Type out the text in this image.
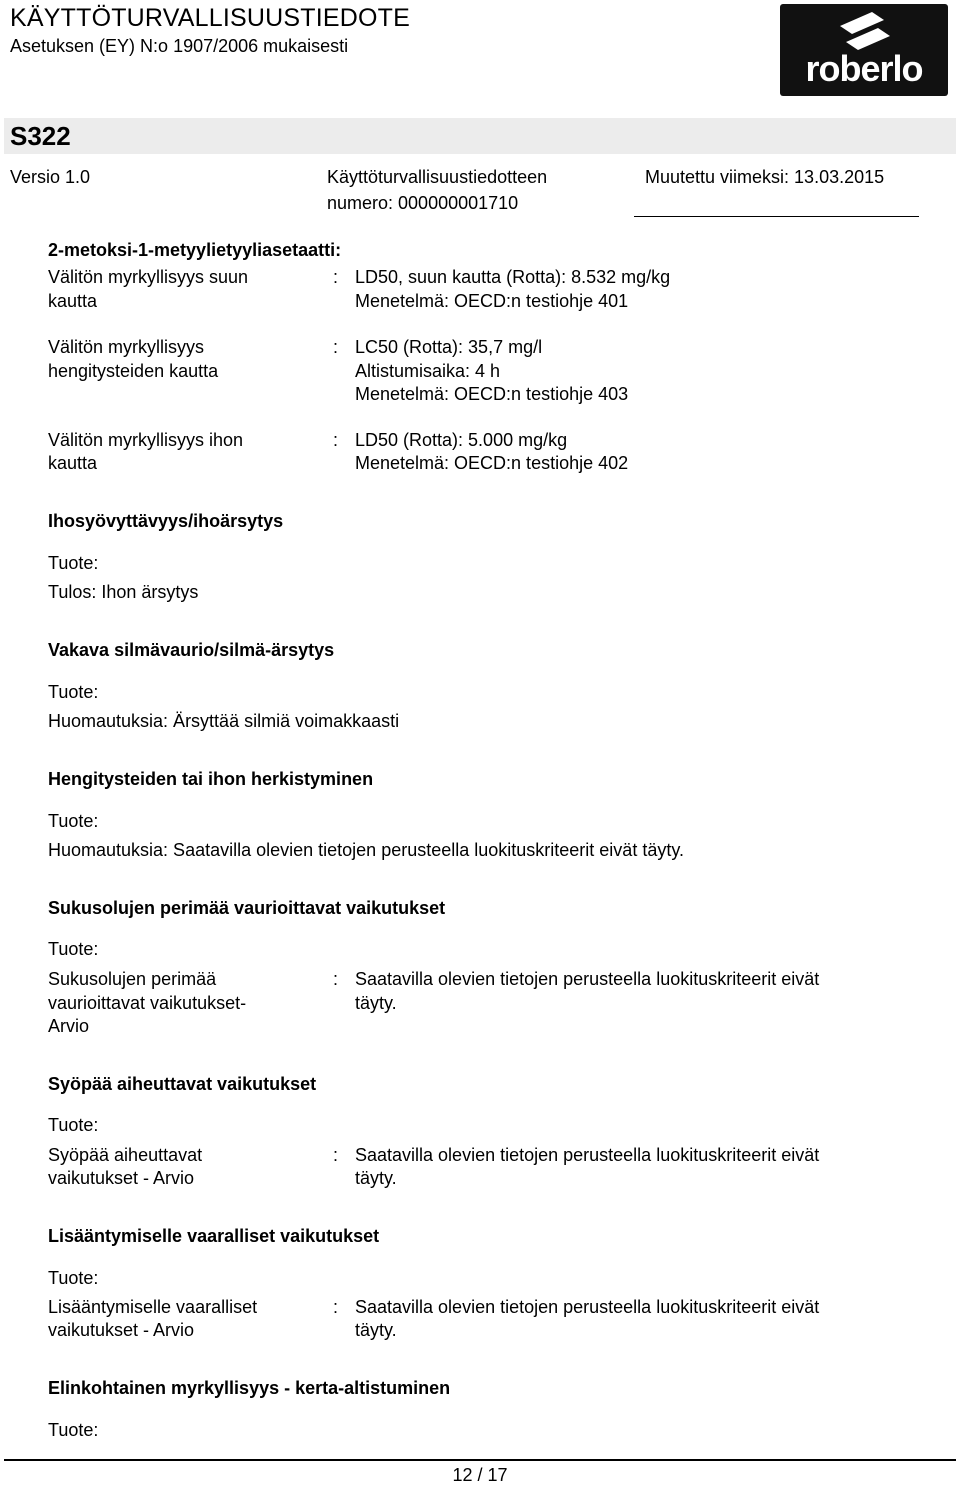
KÄYTTÖTURVALLISUUSTIEDOTE
Asetuksen (EY) N:o 1907/2006 mukaisesti
roberlo
S322
Versio 1.0	Käyttöturvallisuustiedotteen
numero: 000000001710
Muutettu viimeksi: 13.03.2015
2-metoksi-1-metyylietyyliasetaatti:
Välitön myrkyllisyys suun
kautta
: LD50, suun kautta (Rotta): 8.532 mg/kg
Menetelmä: OECD:n testiohje 401
Välitön myrkyllisyys
hengitysteiden kautta
: LC50 (Rotta): 35,7 mg/l
Altistumisaika: 4 h
Menetelmä: OECD:n testiohje 403
Välitön myrkyllisyys ihon
kautta
: LD50 (Rotta): 5.000 mg/kg
Menetelmä: OECD:n testiohje 402
Ihosyövyttävyys/ihoärsytys
Tuote:
Tulos: Ihon ärsytys
Vakava silmävaurio/silmä-ärsytys
Tuote:
Huomautuksia: Ärsyttää silmiä voimakkaasti
Hengitysteiden tai ihon herkistyminen
Tuote:
Huomautuksia: Saatavilla olevien tietojen perusteella luokituskriteerit eivät täyty.
Sukusolujen perimää vaurioittavat vaikutukset
Tuote:
Sukusolujen perimää
vaurioittavat vaikutukset-
Arvio
: Saatavilla olevien tietojen perusteella luokituskriteerit eivät
täyty.
Syöpää aiheuttavat vaikutukset
Tuote:
Syöpää aiheuttavat
vaikutukset - Arvio
: Saatavilla olevien tietojen perusteella luokituskriteerit eivät
täyty.
Lisääntymiselle vaaralliset vaikutukset
Tuote:
Lisääntymiselle vaaralliset
vaikutukset - Arvio
: Saatavilla olevien tietojen perusteella luokituskriteerit eivät
täyty.
Elinkohtainen myrkyllisyys - kerta-altistuminen
Tuote:
12 / 17
